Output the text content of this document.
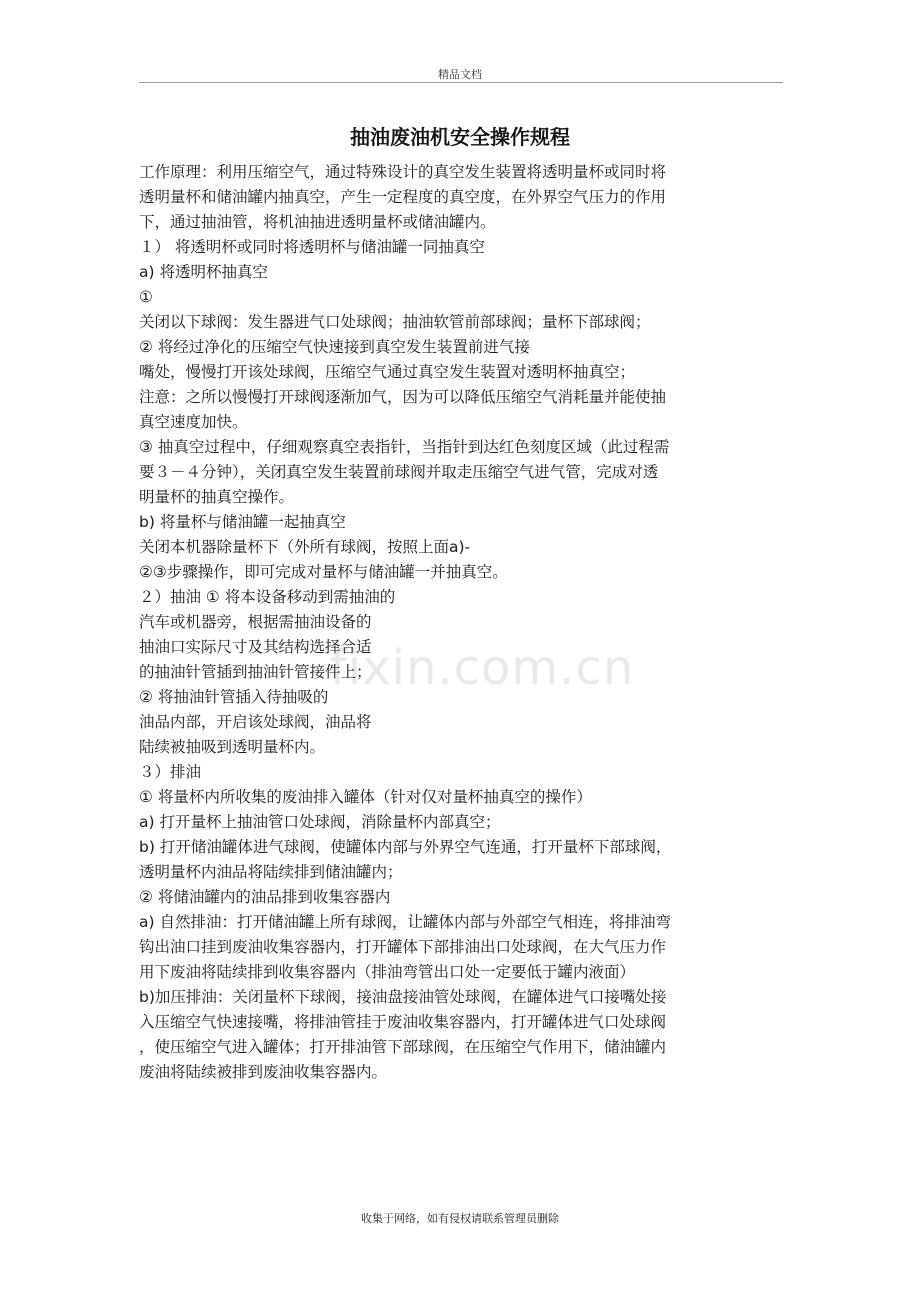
精品文档
抽油废油机安全操作规程
fixin.com.cn
工作原理：利用压缩空气，通过特殊设计的真空发生装置将透明量杯或同时将
透明量杯和储油罐内抽真空，产生一定程度的真空度，在外界空气压力的作用
下，通过抽油管，将机油抽进透明量杯或储油罐内。
１） 将透明杯或同时将透明杯与储油罐一同抽真空
a) 将透明杯抽真空
①
关闭以下球阀：发生器进气口处球阀；抽油软管前部球阀；量杯下部球阀；
② 将经过净化的压缩空气快速接到真空发生装置前进气接
嘴处，慢慢打开该处球阀，压缩空气通过真空发生装置对透明杯抽真空；
注意：之所以慢慢打开球阀逐渐加气，因为可以降低压缩空气消耗量并能使抽
真空速度加快。
③ 抽真空过程中，仔细观察真空表指针，当指针到达红色刻度区域（此过程需
要３－４分钟），关闭真空发生装置前球阀并取走压缩空气进气管，完成对透
明量杯的抽真空操作。
b) 将量杯与储油罐一起抽真空
关闭本机器除量杯下（外所有球阀，按照上面a)-
②③步骤操作，即可完成对量杯与储油罐一并抽真空。
２）抽油 ① 将本设备移动到需抽油的
汽车或机器旁，根据需抽油设备的
抽油口实际尺寸及其结构选择合适
的抽油针管插到抽油针管接件上；
② 将抽油针管插入待抽吸的
油品内部，开启该处球阀，油品将
陆续被抽吸到透明量杯内。
３）排油
① 将量杯内所收集的废油排入罐体（针对仅对量杯抽真空的操作）
a) 打开量杯上抽油管口处球阀，消除量杯内部真空；
b) 打开储油罐体进气球阀，使罐体内部与外界空气连通，打开量杯下部球阀，
透明量杯内油品将陆续排到储油罐内；
② 将储油罐内的油品排到收集容器内
a) 自然排油：打开储油罐上所有球阀，让罐体内部与外部空气相连，将排油弯
钩出油口挂到废油收集容器内，打开罐体下部排油出口处球阀，在大气压力作
用下废油将陆续排到收集容器内（排油弯管出口处一定要低于罐内液面）
b)加压排油：关闭量杯下球阀，接油盘接油管处球阀，在罐体进气口接嘴处接
入压缩空气快速接嘴，将排油管挂于废油收集容器内，打开罐体进气口处球阀
，使压缩空气进入罐体；打开排油管下部球阀，在压缩空气作用下，储油罐内
废油将陆续被排到废油收集容器内。
收集于网络，如有侵权请联系管理员删除
